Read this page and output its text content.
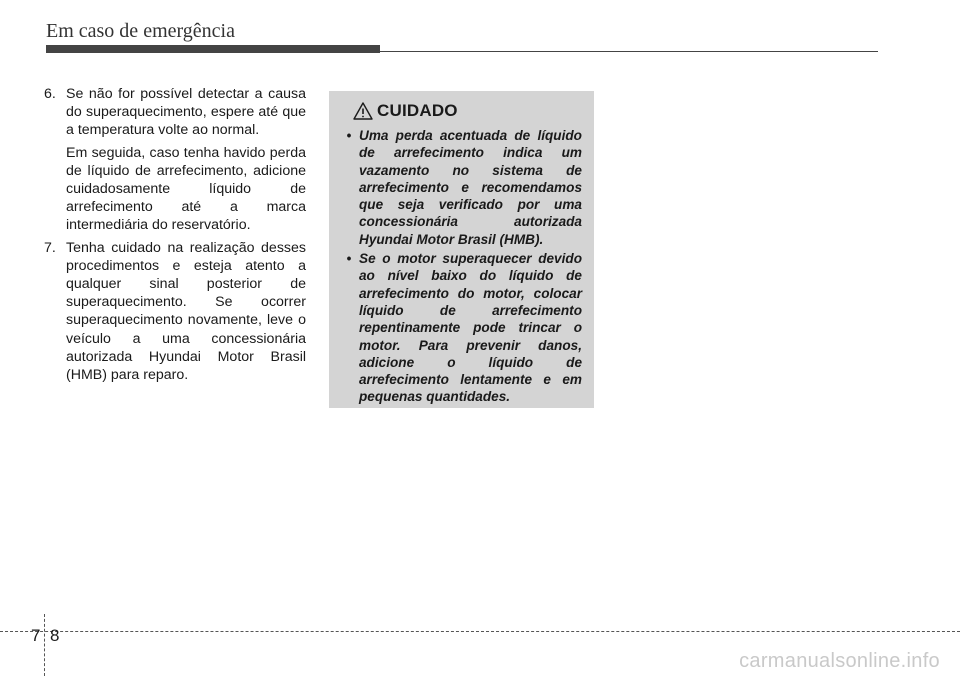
Em caso de emergência
6. Se não for possível detectar a causa do superaquecimento, espere até que a temperatura volte ao normal.

Em seguida, caso tenha havido perda de líquido de arrefecimento, adicione cuidadosamente líquido de arrefecimento até a marca intermediária do reservatório.

7. Tenha cuidado na realização desses procedimentos e esteja atento a qualquer sinal posterior de superaquecimento. Se ocorrer superaquecimento novamente, leve o veículo a uma concessionária autorizada Hyundai Motor Brasil (HMB) para reparo.

CUIDADO
• Uma perda acentuada de líquido de arrefecimento indica um vazamento no sistema de arrefecimento e recomendamos que seja verificado por uma concessionária autorizada Hyundai Motor Brasil (HMB).
• Se o motor superaquecer devido ao nível baixo do líquido de arrefecimento do motor, colocar líquido de arrefecimento repentinamente pode trincar o motor. Para prevenir danos, adicione o líquido de arrefecimento lentamente e em pequenas quantidades.
7 8
carmanualsonline.info
